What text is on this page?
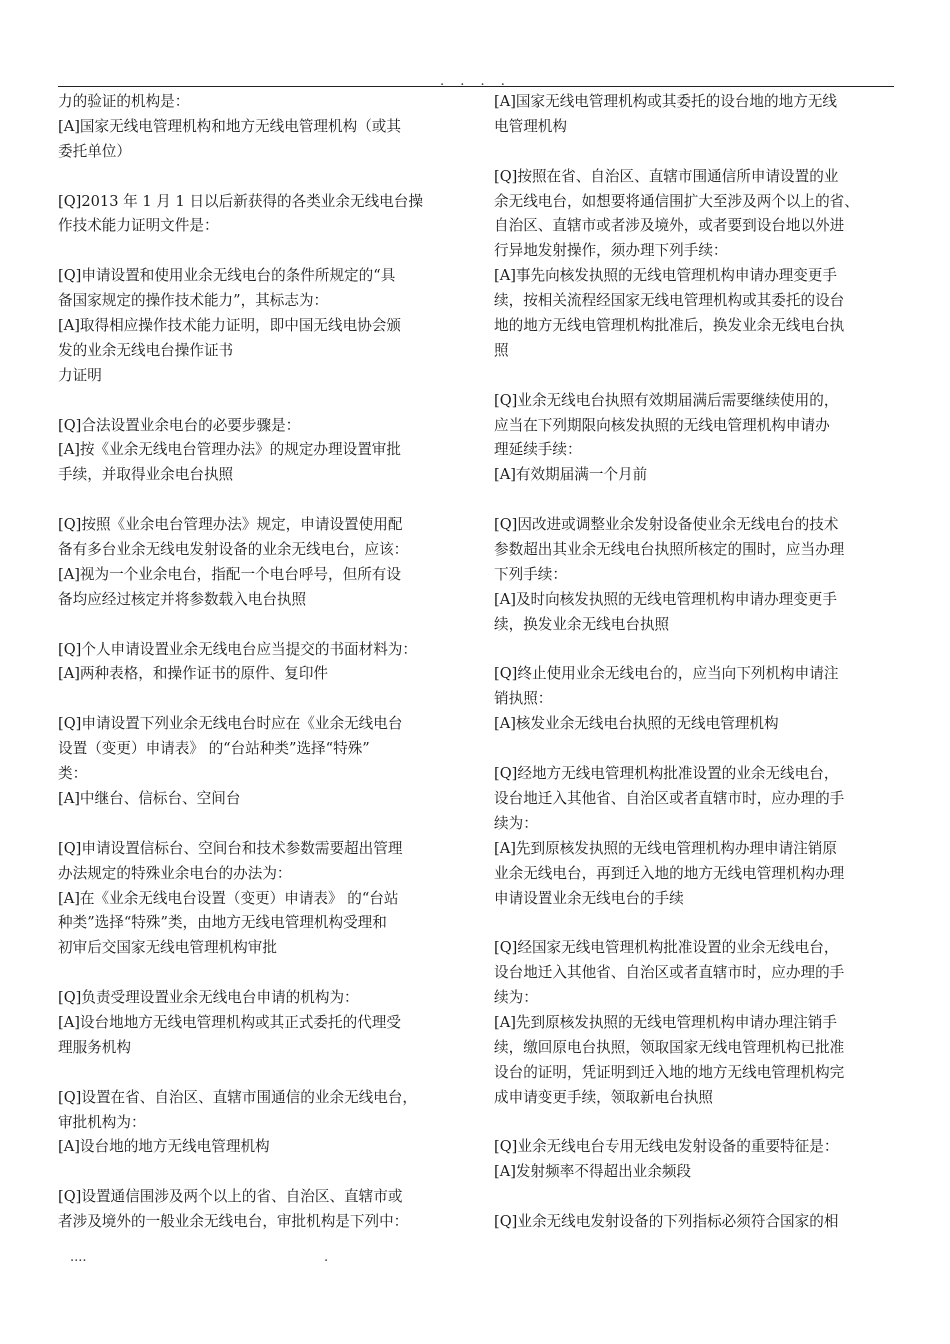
. . . .
力的验证的机构是：
[A]国家无线电管理机构和地方无线电管理机构（或其
委托单位）
[Q]2013 年 1 月 1 日以后新获得的各类业余无线电台操
作技术能力证明文件是：
[Q]申请设置和使用业余无线电台的条件所规定的“具
备国家规定的操作技术能力”，其标志为：
[A]取得相应操作技术能力证明，即中国无线电协会颁
发的业余无线电台操作证书
力证明
[Q]合法设置业余电台的必要步骤是：
[A]按《业余无线电台管理办法》的规定办理设置审批
手续，并取得业余电台执照
[Q]按照《业余电台管理办法》规定，申请设置使用配
备有多台业余无线电发射设备的业余无线电台，应该：
[A]视为一个业余电台，指配一个电台呼号，但所有设
备均应经过核定并将参数载入电台执照
[Q]个人申请设置业余无线电台应当提交的书面材料为：
[A]两种表格，和操作证书的原件、复印件
[Q]申请设置下列业余无线电台时应在《业余无线电台
设置（变更）申请表》 的“台站种类”选择“特殊”
类：
[A]中继台、信标台、空间台
[Q]申请设置信标台、空间台和技术参数需要超出管理
办法规定的特殊业余电台的办法为：
[A]在《业余无线电台设置（变更）申请表》 的“台站
种类”选择“特殊”类，由地方无线电管理机构受理和
初审后交国家无线电管理机构审批
[Q]负责受理设置业余无线电台申请的机构为：
[A]设台地地方无线电管理机构或其正式委托的代理受
理服务机构
[Q]设置在省、自治区、直辖市围通信的业余无线电台，
审批机构为：
[A]设台地的地方无线电管理机构
[Q]设置通信围涉及两个以上的省、自治区、直辖市或
者涉及境外的一般业余无线电台，审批机构是下列中：
[A]国家无线电管理机构或其委托的设台地的地方无线
电管理机构
[Q]按照在省、自治区、直辖市围通信所申请设置的业
余无线电台，如想要将通信围扩大至涉及两个以上的省、
自治区、直辖市或者涉及境外，或者要到设台地以外进
行异地发射操作，须办理下列手续：
[A]事先向核发执照的无线电管理机构申请办理变更手
续，按相关流程经国家无线电管理机构或其委托的设台
地的地方无线电管理机构批准后，换发业余无线电台执
照
[Q]业余无线电台执照有效期届满后需要继续使用的，
应当在下列期限向核发执照的无线电管理机构申请办
理延续手续：
[A]有效期届满一个月前
[Q]因改进或调整业余发射设备使业余无线电台的技术
参数超出其业余无线电台执照所核定的围时，应当办理
下列手续：
[A]及时向核发执照的无线电管理机构申请办理变更手
续，换发业余无线电台执照
[Q]终止使用业余无线电台的，应当向下列机构申请注
销执照：
[A]核发业余无线电台执照的无线电管理机构
[Q]经地方无线电管理机构批准设置的业余无线电台，
设台地迁入其他省、自治区或者直辖市时，应办理的手
续为：
[A]先到原核发执照的无线电管理机构办理申请注销原
业余无线电台，再到迁入地的地方无线电管理机构办理
申请设置业余无线电台的手续
[Q]经国家无线电管理机构批准设置的业余无线电台，
设台地迁入其他省、自治区或者直辖市时，应办理的手
续为：
[A]先到原核发执照的无线电管理机构申请办理注销手
续，缴回原电台执照，领取国家无线电管理机构已批准
设台的证明，凭证明到迁入地的地方无线电管理机构完
成申请变更手续，领取新电台执照
[Q]业余无线电台专用无线电发射设备的重要特征是：
[A]发射频率不得超出业余频段
[Q]业余无线电发射设备的下列指标必须符合国家的相
....	.
